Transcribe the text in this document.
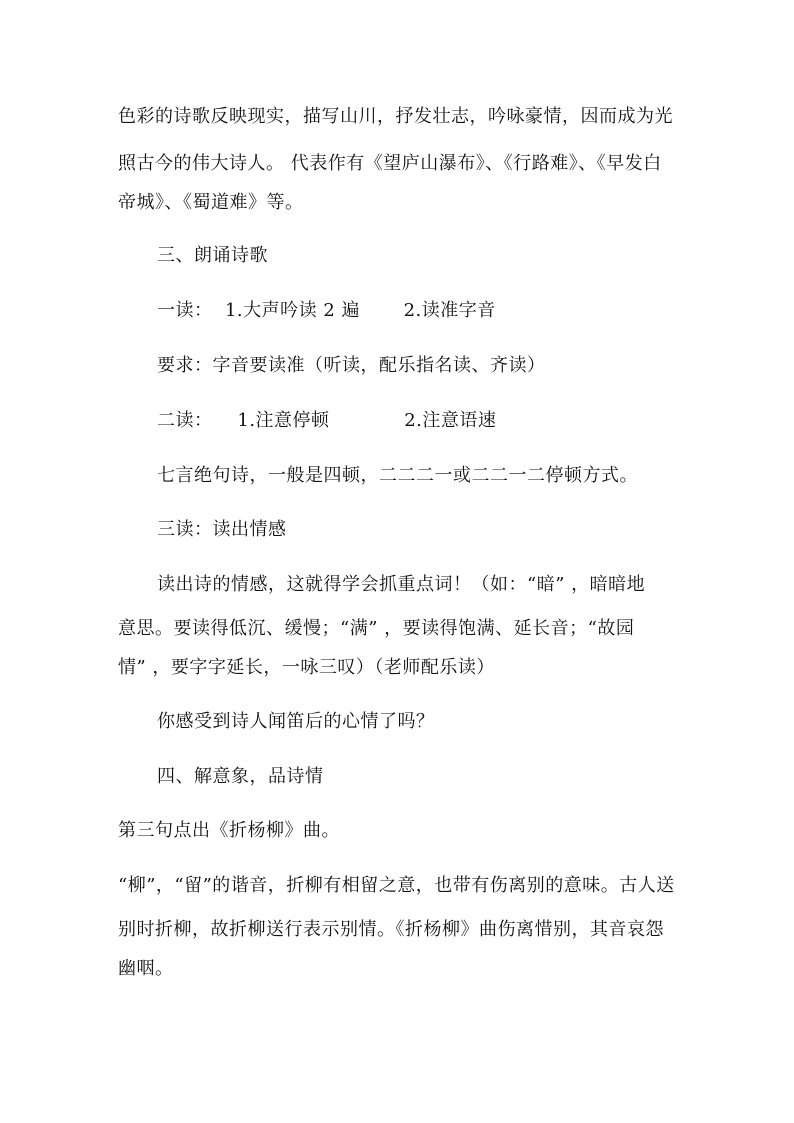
色彩的诗歌反映现实，描写山川，抒发壮志，吟咏豪情，因而成为光
照古今的伟大诗人。 代表作有《望庐山瀑布》、《行路难》、《早发白
帝城》、《蜀道难》等。
三、朗诵诗歌
一读：  1.大声吟读 2 遍       2.读准字音
要求：字音要读准（听读，配乐指名读、齐读）
二读：    1.注意停顿            2.注意语速
七言绝句诗，一般是四顿，二二二一或二二一二停顿方式。
三读：读出情感
读出诗的情感，这就得学会抓重点词！（如：“暗” ，暗暗地
意思。要读得低沉、缓慢；“满” ，要读得饱满、延长音；“故园
情” ，要字字延长，一咏三叹）（老师配乐读）
你感受到诗人闻笛后的心情了吗？
四、解意象，品诗情
第三句点出《折杨柳》曲。
“柳”，“留”的谐音，折柳有相留之意，也带有伤离别的意味。古人送
别时折柳，故折柳送行表示别情。《折杨柳》曲伤离惜别，其音哀怨
幽咽。
